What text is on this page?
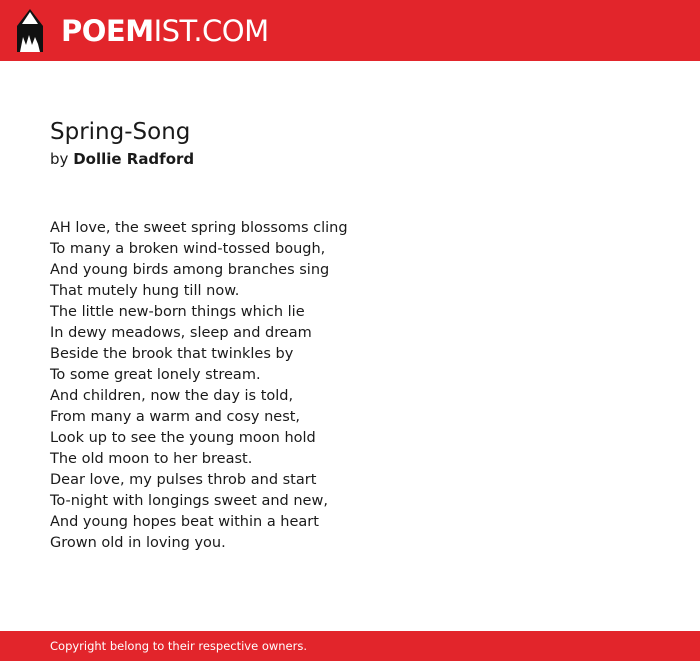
POEMIST.COM
Spring-Song
by Dollie Radford
AH love, the sweet spring blossoms cling
To many a broken wind-tossed bough,
And young birds among branches sing
That mutely hung till now.
The little new-born things which lie
In dewy meadows, sleep and dream
Beside the brook that twinkles by
To some great lonely stream.
And children, now the day is told,
From many a warm and cosy nest,
Look up to see the young moon hold
The old moon to her breast.
Dear love, my pulses throb and start
To-night with longings sweet and new,
And young hopes beat within a heart
Grown old in loving you.
Copyright belong to their respective owners.
